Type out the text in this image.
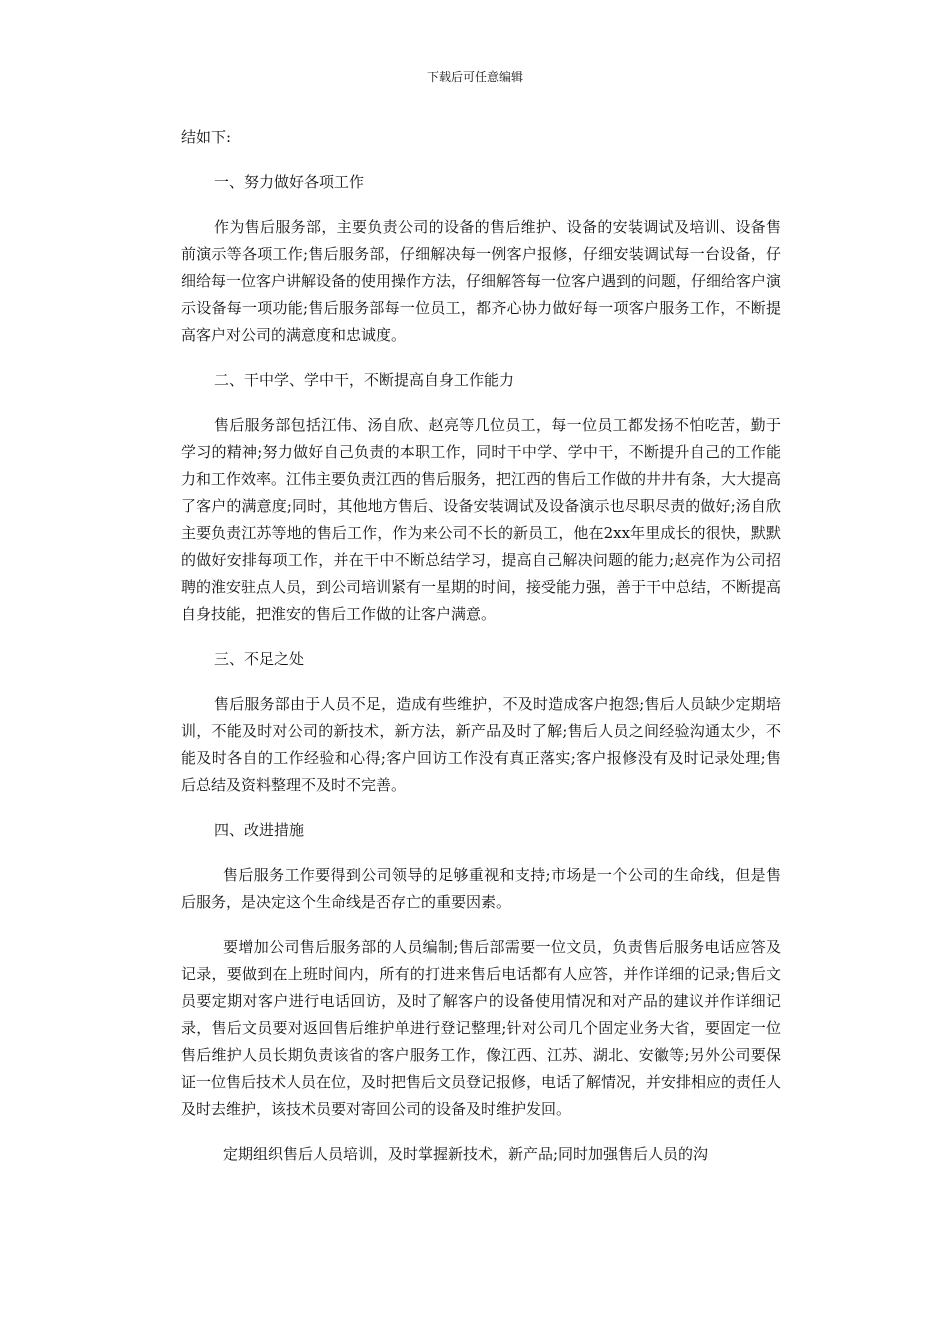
下载后可任意编辑

结如下:

一、努力做好各项工作

作为售后服务部，主要负责公司的设备的售后维护、设备的安装调试及培训、设备售前演示等各项工作;售后服务部，仔细解决每一例客户报修，仔细安装调试每一台设备，仔细给每一位客户讲解设备的使用操作方法，仔细解答每一位客户遇到的问题，仔细给客户演示设备每一项功能;售后服务部每一位员工，都齐心协力做好每一项客户服务工作，不断提高客户对公司的满意度和忠诚度。

二、干中学、学中干，不断提高自身工作能力

售后服务部包括江伟、汤自欣、赵亮等几位员工，每一位员工都发扬不怕吃苦，勤于学习的精神;努力做好自己负责的本职工作，同时干中学、学中干，不断提升自己的工作能力和工作效率。江伟主要负责江西的售后服务，把江西的售后工作做的井井有条，大大提高了客户的满意度;同时，其他地方售后、设备安装调试及设备演示也尽职尽责的做好;汤自欣主要负责江苏等地的售后工作，作为来公司不长的新员工，他在2xx年里成长的很快，默默的做好安排每项工作，并在干中不断总结学习，提高自己解决问题的能力;赵亮作为公司招聘的淮安驻点人员，到公司培训紧有一星期的时间，接受能力强，善于干中总结，不断提高自身技能，把淮安的售后工作做的让客户满意。

三、不足之处

售后服务部由于人员不足，造成有些维护，不及时造成客户抱怨;售后人员缺少定期培训，不能及时对公司的新技术，新方法，新产品及时了解;售后人员之间经验沟通太少，不能及时各自的工作经验和心得;客户回访工作没有真正落实;客户报修没有及时记录处理;售后总结及资料整理不及时不完善。

四、改进措施

售后服务工作要得到公司领导的足够重视和支持;市场是一个公司的生命线，但是售后服务，是决定这个生命线是否存亡的重要因素。

要增加公司售后服务部的人员编制;售后部需要一位文员，负责售后服务电话应答及记录，要做到在上班时间内，所有的打进来售后电话都有人应答，并作详细的记录;售后文员要定期对客户进行电话回访，及时了解客户的设备使用情况和对产品的建议并作详细记录，售后文员要对返回售后维护单进行登记整理;针对公司几个固定业务大省，要固定一位售后维护人员长期负责该省的客户服务工作，像江西、江苏、湖北、安徽等;另外公司要保证一位售后技术人员在位，及时把售后文员登记报修，电话了解情况，并安排相应的责任人及时去维护，该技术员要对寄回公司的设备及时维护发回。

定期组织售后人员培训，及时掌握新技术，新产品;同时加强售后人员的沟
